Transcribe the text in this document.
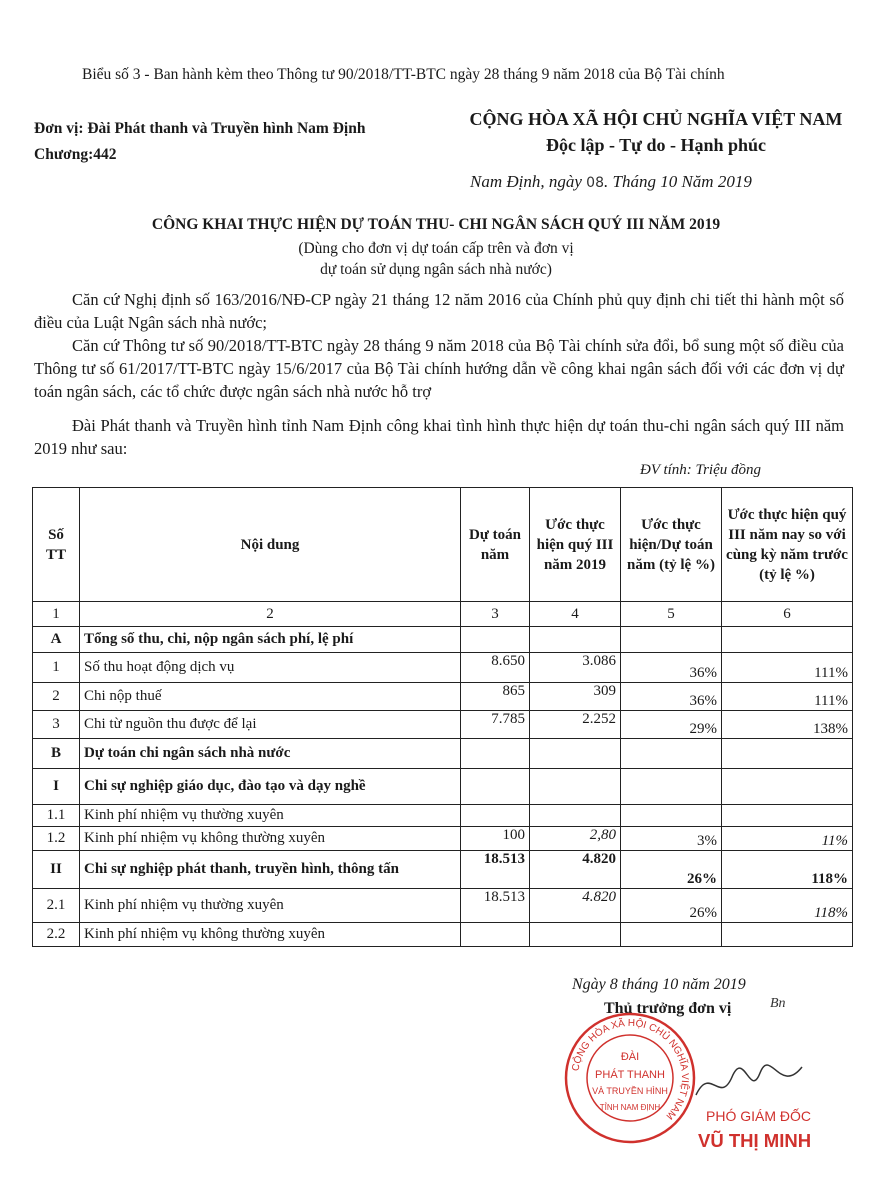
Biểu số 3 - Ban hành kèm theo Thông tư 90/2018/TT-BTC ngày 28 tháng 9 năm 2018 của Bộ Tài chính
Đơn vị: Đài Phát thanh và Truyền hình Nam Định
Chương:442
CỘNG HÒA XÃ HỘI CHỦ NGHĨA VIỆT NAM
Độc lập - Tự do - Hạnh phúc
Nam Định, ngày 08. Tháng 10 Năm 2019
CÔNG KHAI THỰC HIỆN DỰ TOÁN THU- CHI NGÂN SÁCH QUÝ III NĂM 2019
(Dùng cho đơn vị dự toán cấp trên và đơn vị
dự toán sử dụng ngân sách nhà nước)
Căn cứ Nghị định số 163/2016/NĐ-CP ngày 21 tháng 12 năm 2016 của Chính phủ quy định chi tiết thi hành một số điều của Luật Ngân sách nhà nước;
Căn cứ Thông tư số 90/2018/TT-BTC ngày 28 tháng 9 năm 2018 của Bộ Tài chính sửa đổi, bổ sung một số điều của Thông tư số 61/2017/TT-BTC ngày 15/6/2017 của Bộ Tài chính hướng dẫn về công khai ngân sách đối với các đơn vị dự toán ngân sách, các tổ chức được ngân sách nhà nước hỗ trợ
Đài Phát thanh và Truyền hình tỉnh Nam Định công khai tình hình thực hiện dự toán thu-chi ngân sách quý III năm 2019 như sau:
ĐV tính: Triệu đồng
Số TT	Nội dung	Dự toán năm	Ước thực hiện quý III năm 2019	Ước thực hiện/Dự toán năm (tỷ lệ %)	Ước thực hiện quý III năm nay so với cùng kỳ năm trước (tỷ lệ %)
1	2	3	4	5	6
A	Tổng số thu, chi, nộp ngân sách phí, lệ phí				
1	Số thu hoạt động dịch vụ	8.650	3.086	36%	111%
2	Chi nộp thuế	865	309	36%	111%
3	Chi từ nguồn thu được để lại	7.785	2.252	29%	138%
B	Dự toán chi ngân sách nhà nước				
I	Chi sự nghiệp giáo dục, đào tạo và dạy nghề				
1.1	Kinh phí nhiệm vụ thường xuyên				
1.2	Kinh phí nhiệm vụ không thường xuyên	100	2,80	3%	11%
II	Chi sự nghiệp phát thanh, truyền hình, thông tấn	18.513	4.820	26%	118%
2.1	Kinh phí nhiệm vụ thường xuyên	18.513	4.820	26%	118%
2.2	Kinh phí nhiệm vụ không thường xuyên				
Ngày 8 tháng 10 năm 2019
Thủ trưởng đơn vị	Bn
CỘNG HÒA XÃ HỘI CHỦ NGHĨA VIỆT NAM
ĐÀI
PHÁT THANH
VÀ TRUYỀN HÌNH
TỈNH NAM ĐỊNH
PHÓ GIÁM ĐỐC
VŨ THỊ MINH
